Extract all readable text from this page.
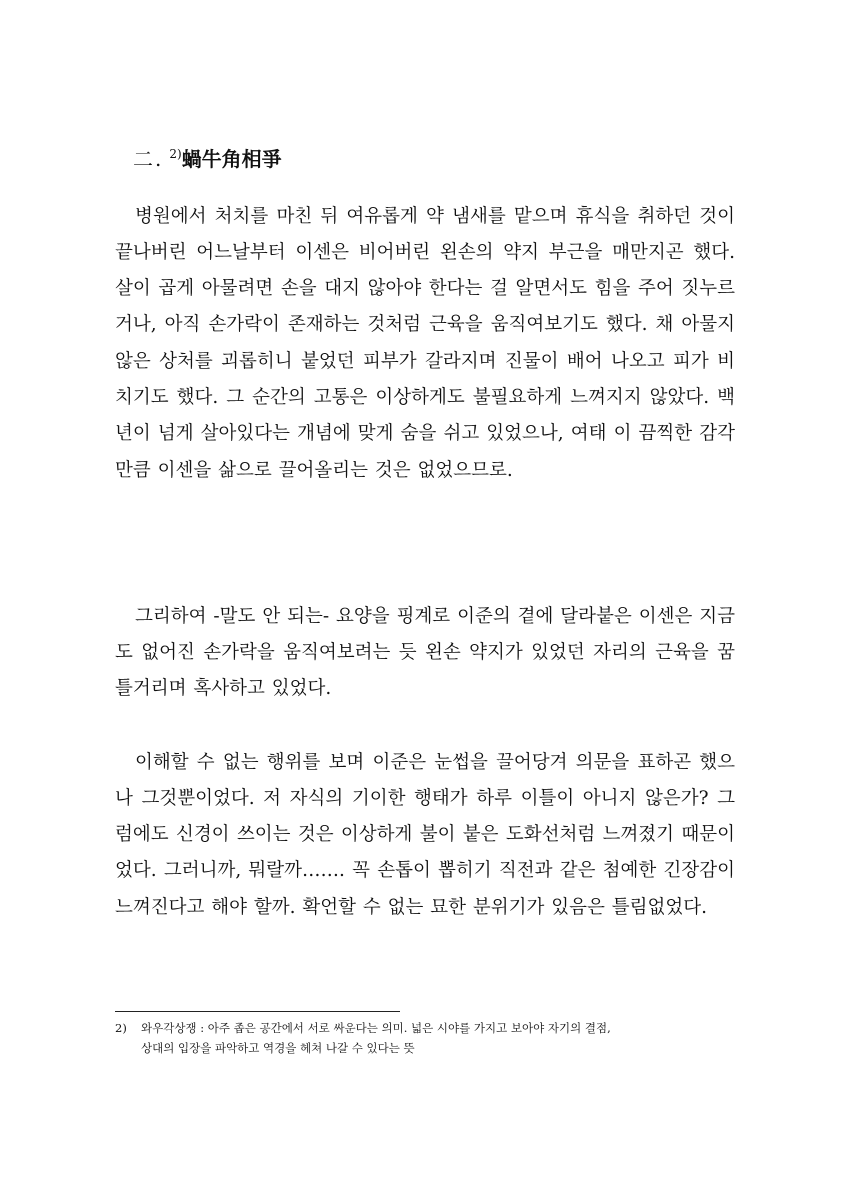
二. $^{2)}$蝸牛角相爭

병원에서 처치를 마친 뒤 여유롭게 약 냄새를 맡으며 휴식을 취하던 것이 끝나버린 어느날부터 이센은 비어버린 왼손의 약지 부근을 매만지곤 했다. 살이 곱게 아물려면 손을 대지 않아야 한다는 걸 알면서도 힘을 주어 짓누르거나, 아직 손가락이 존재하는 것처럼 근육을 움직여보기도 했다. 채 아물지 않은 상처를 괴롭히니 붙었던 피부가 갈라지며 진물이 배어 나오고 피가 비치기도 했다. 그 순간의 고통은 이상하게도 불필요하게 느껴지지 않았다. 백년이 넘게 살아있다는 개념에 맞게 숨을 쉬고 있었으나, 여태 이 끔찍한 감각만큼 이센을 삶으로 끌어올리는 것은 없었으므로.

그리하여 -말도 안 되는- 요양을 핑계로 이준의 곁에 달라붙은 이센은 지금도 없어진 손가락을 움직여보려는 듯 왼손 약지가 있었던 자리의 근육을 꿈틀거리며 혹사하고 있었다.

이해할 수 없는 행위를 보며 이준은 눈썹을 끌어당겨 의문을 표하곤 했으나 그것뿐이었다. 저 자식의 기이한 행태가 하루 이틀이 아니지 않은가? 그럼에도 신경이 쓰이는 것은 이상하게 불이 붙은 도화선처럼 느껴졌기 때문이었다. 그러니까, 뭐랄까……. 꼭 손톱이 뽑히기 직전과 같은 첨예한 긴장감이 느껴진다고 해야 할까. 확언할 수 없는 묘한 분위기가 있음은 틀림없었다.

2) 와우각상쟁 : 아주 좁은 공간에서 서로 싸운다는 의미. 넓은 시야를 가지고 보아야 자기의 결점,
상대의 입장을 파악하고 역경을 헤쳐 나갈 수 있다는 뜻
